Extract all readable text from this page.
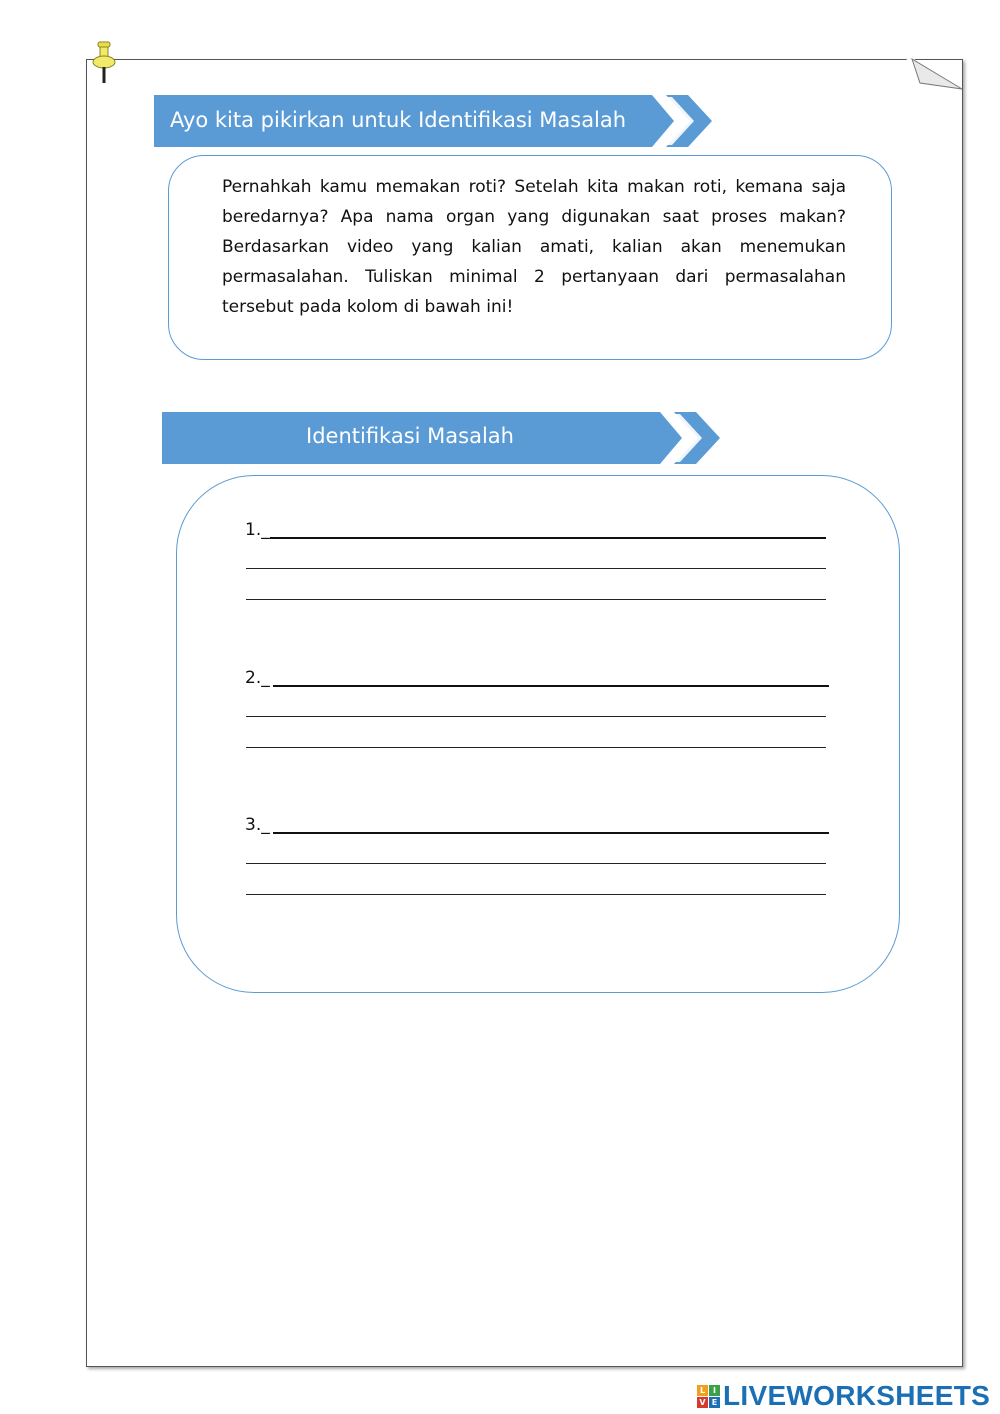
Ayo kita pikirkan untuk Identifikasi Masalah
Pernahkah kamu memakan roti? Setelah kita makan roti, kemana saja beredarnya? Apa nama organ yang digunakan saat proses makan? Berdasarkan video yang kalian amati, kalian akan menemukan permasalahan. Tuliskan minimal 2 pertanyaan dari permasalahan tersebut pada kolom di bawah ini!
Identifikasi Masalah
1._
2._
3._
L I
V E LIVEWORKSHEETS
